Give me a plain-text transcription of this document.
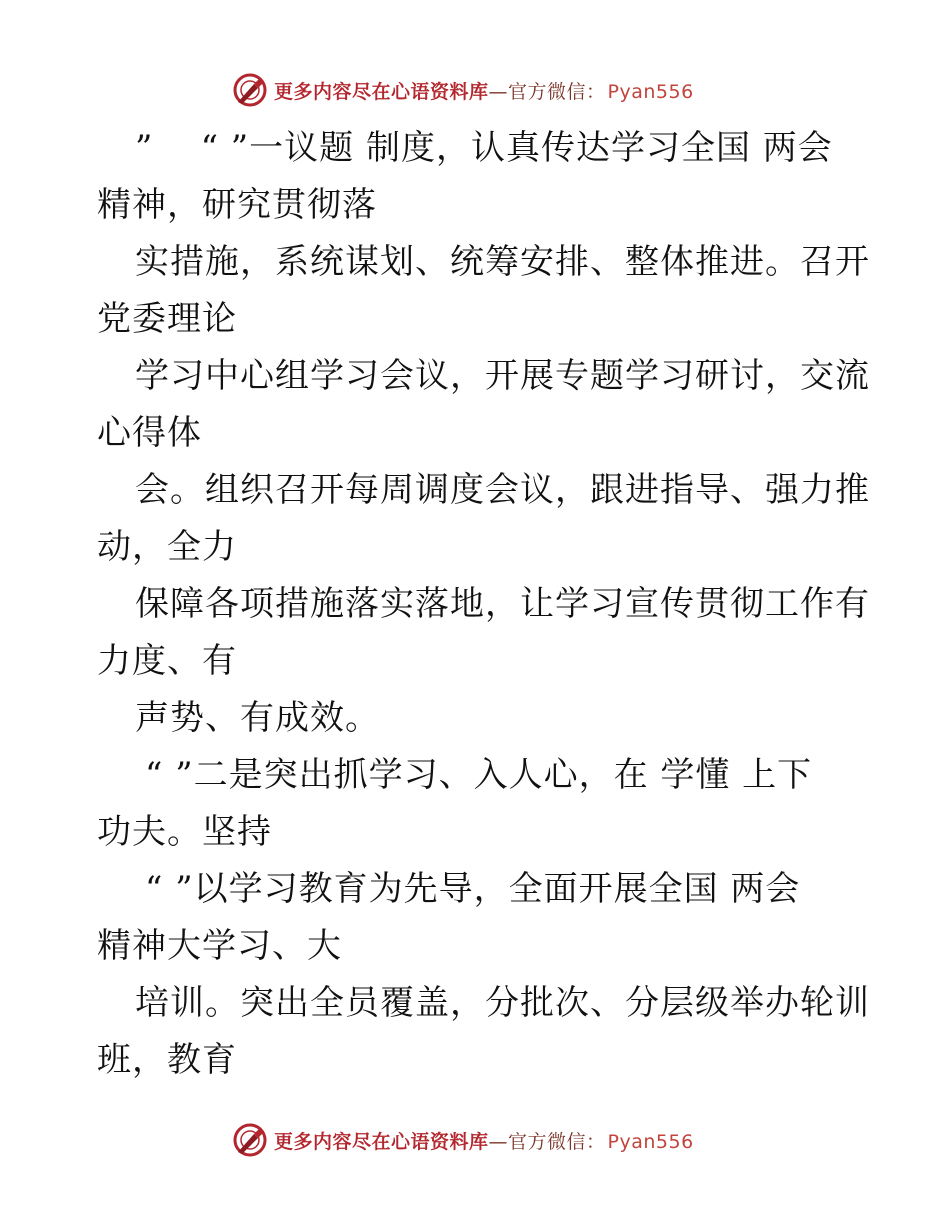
更多内容尽在心语资料库—官方微信： Pyan556
”    “ ”一议题 制度，认真传达学习全国 两会
精神，研究贯彻落
实措施，系统谋划、统筹安排、整体推进。召开
党委理论
学习中心组学习会议，开展专题学习研讨，交流
心得体
会。组织召开每周调度会议，跟进指导、强力推
动，全力
保障各项措施落实落地，让学习宣传贯彻工作有
力度、有
声势、有成效。
“ ”二是突出抓学习、入人心，在 学懂 上下
功夫。坚持
“ ”以学习教育为先导，全面开展全国 两会
精神大学习、大
培训。突出全员覆盖，分批次、分层级举办轮训
班，教育
更多内容尽在心语资料库—官方微信： Pyan556
